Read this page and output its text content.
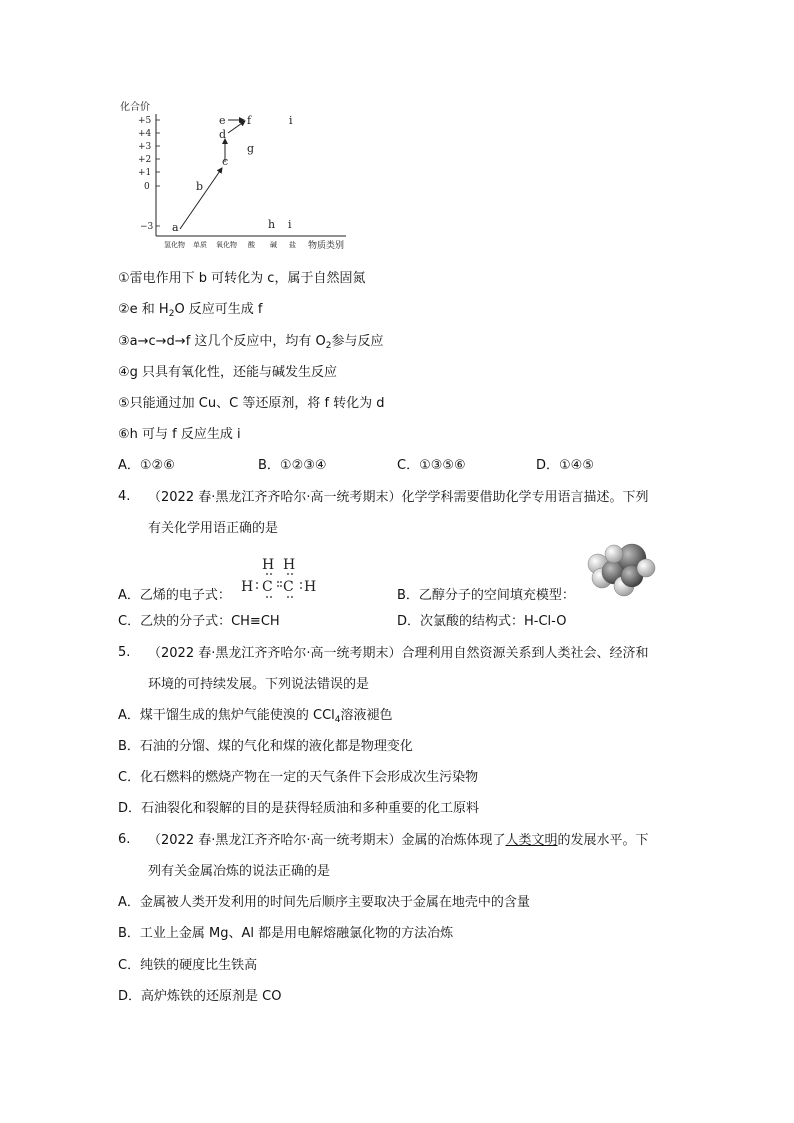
化合价
物质类别
+5
+4
+3
+2
+1
0
−3
氢化物 单质 氧化物 酸 碱 盐
a
b
c
d
e f
g
h
i
i
①雷电作用下 b 可转化为 c，属于自然固氮
②e 和 $H_2O$ 反应可生成 f
③a→c→d→f 这几个反应中，均有 $O_2$参与反应
④g 只具有氧化性，还能与碱发生反应
⑤只能通过加 Cu、C 等还原剂，将 f 转化为 d
⑥h 可与 f 反应生成 i
A．①②⑥	B．①②③④	C．①③⑤⑥	D．①④⑤
4. （2022 春·黑龙江齐齐哈尔·高一统考期末）化学学科需要借助化学专用语言描述。下列
有关化学用语正确的是
A．乙烯的电子式：
H H
H C C H
B．乙醇分子的空间填充模型：
C．乙炔的分子式：CH≡CH	D．次氯酸的结构式：H-Cl-O
5. （2022 春·黑龙江齐齐哈尔·高一统考期末）合理利用自然资源关系到人类社会、经济和
环境的可持续发展。下列说法错误的是
A．煤干馏生成的焦炉气能使溴的 CCl$_4$溶液褪色
B．石油的分馏、煤的气化和煤的液化都是物理变化
C．化石燃料的燃烧产物在一定的天气条件下会形成次生污染物
D．石油裂化和裂解的目的是获得轻质油和多种重要的化工原料
6. （2022 春·黑龙江齐齐哈尔·高一统考期末）金属的冶炼体现了人类文明的发展水平。下
列有关金属冶炼的说法正确的是
A．金属被人类开发利用的时间先后顺序主要取决于金属在地壳中的含量
B．工业上金属 Mg、Al 都是用电解熔融氯化物的方法冶炼
C．纯铁的硬度比生铁高
D．高炉炼铁的还原剂是 CO
